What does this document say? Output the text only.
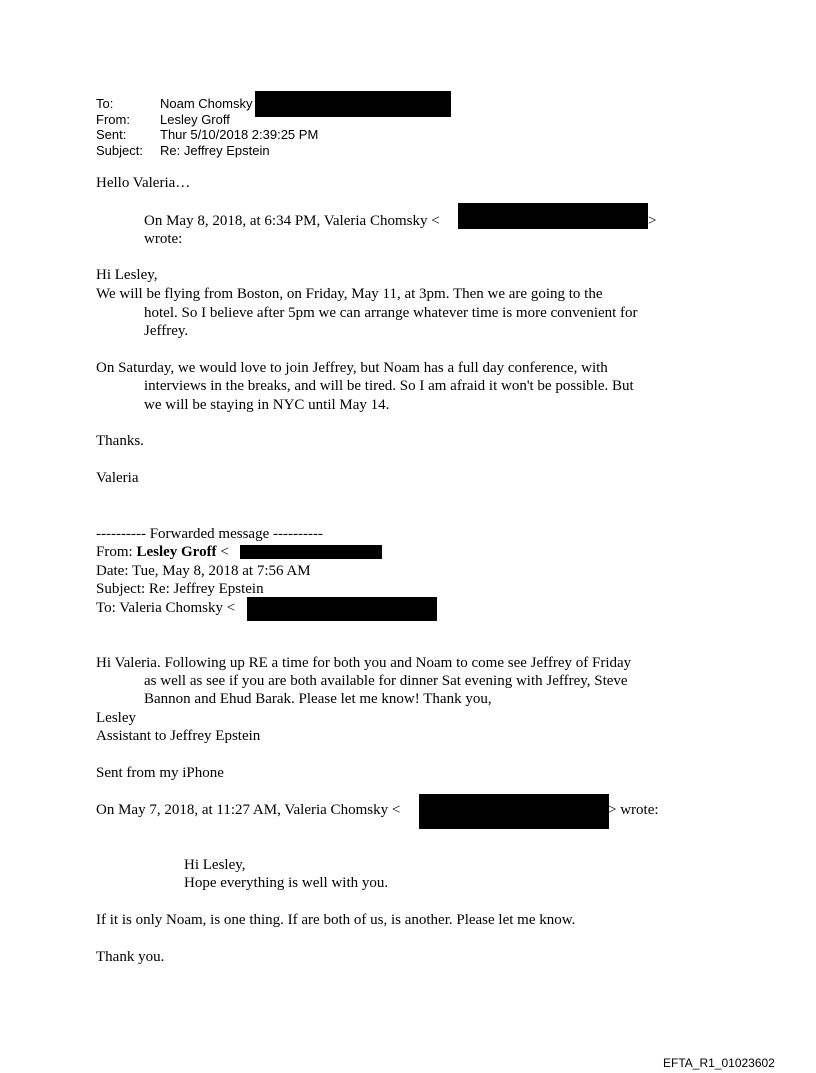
To:	Noam Chomsky
From: Lesley Groff
Sent:	Thur 5/10/2018 2:39:25 PM
Subject: Re: Jeffrey Epstein
Hello Valeria…
On May 8, 2018, at 6:34 PM, Valeria Chomsky <	>
wrote:
Hi Lesley,
We will be flying from Boston, on Friday, May 11, at 3pm. Then we are going to the
hotel. So I believe after 5pm we can arrange whatever time is more convenient for
Jeffrey.
On Saturday, we would love to join Jeffrey, but Noam has a full day conference, with
interviews in the breaks, and will be tired. So I am afraid it won't be possible. But
we will be staying in NYC until May 14.
Thanks.
Valeria
---------- Forwarded message ----------
From: Lesley Groff <
Date: Tue, May 8, 2018 at 7:56 AM
Subject: Re: Jeffrey Epstein
To: Valeria Chomsky <
Hi Valeria. Following up RE a time for both you and Noam to come see Jeffrey of Friday
as well as see if you are both available for dinner Sat evening with Jeffrey, Steve
Bannon and Ehud Barak. Please let me know! Thank you,
Lesley
Assistant to Jeffrey Epstein
Sent from my iPhone
On May 7, 2018, at 11:27 AM, Valeria Chomsky <	> wrote:
Hi Lesley,
Hope everything is well with you.
If it is only Noam, is one thing. If are both of us, is another. Please let me know.
Thank you.
EFTA_R1_01023602
